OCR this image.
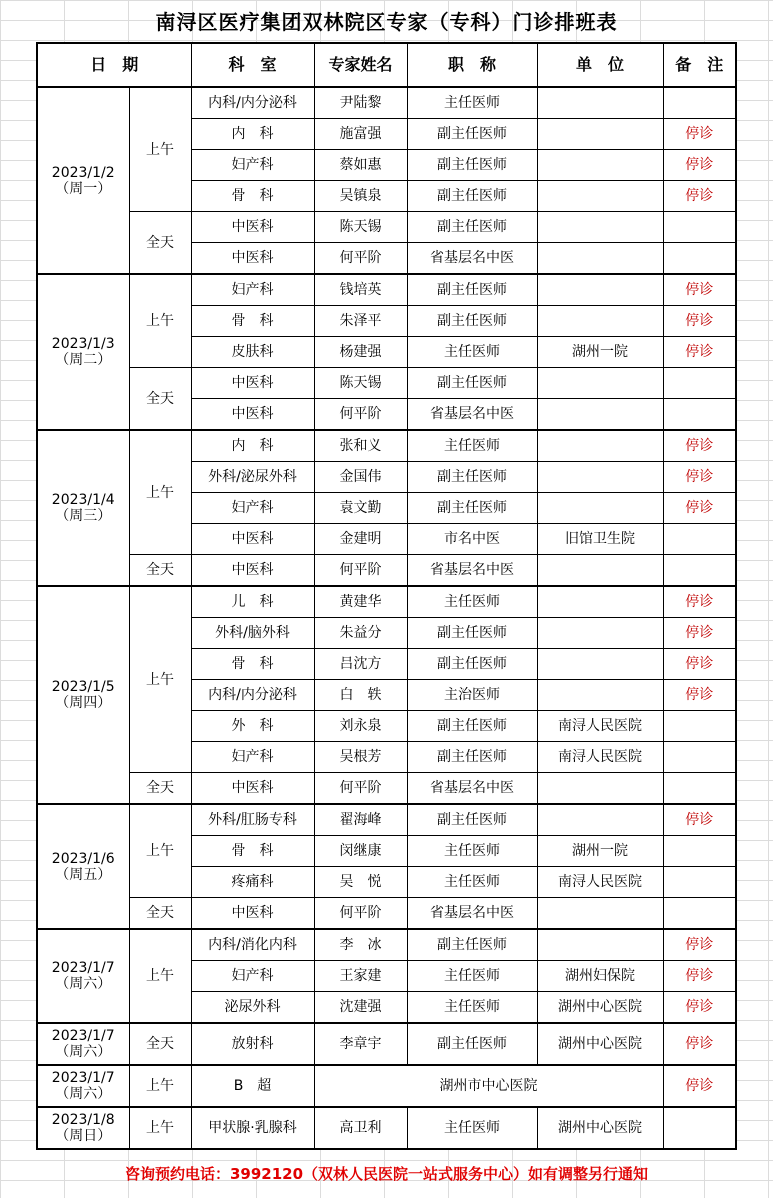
南浔区医疗集团双林院区专家（专科）门诊排班表
日　期		科　室	专家姓名	职　称	单　位	备　注
2023/1/2
（周一）	上午	内科/内分泌科	尹陆黎	主任医师		
		内　科	施富强	副主任医师		停诊
		妇产科	蔡如惠	副主任医师		停诊
		骨　科	吴镇泉	副主任医师		停诊
	全天	中医科	陈天锡	副主任医师		
		中医科	何平阶	省基层名中医		
2023/1/3
（周二）	上午	妇产科	钱培英	副主任医师		停诊
		骨　科	朱泽平	副主任医师		停诊
		皮肤科	杨建强	主任医师	湖州一院	停诊
	全天	中医科	陈天锡	副主任医师		
		中医科	何平阶	省基层名中医		
2023/1/4
（周三）	上午	内　科	张和义	主任医师		停诊
		外科/泌尿外科	金国伟	副主任医师		停诊
		妇产科	袁文勤	副主任医师		停诊
		中医科	金建明	市名中医	旧馆卫生院	
	全天	中医科	何平阶	省基层名中医		
2023/1/5
（周四）	上午	儿　科	黄建华	主任医师		停诊
		外科/脑外科	朱益分	副主任医师		停诊
		骨　科	吕沈方	副主任医师		停诊
		内科/内分泌科	白　轶	主治医师		停诊
		外　科	刘永泉	副主任医师	南浔人民医院	
		妇产科	吴根芳	副主任医师	南浔人民医院	
	全天	中医科	何平阶	省基层名中医		
2023/1/6
（周五）	上午	外科/肛肠专科	翟海峰	副主任医师		停诊
		骨　科	闵继康	主任医师	湖州一院	
		疼痛科	吴　悦	主任医师	南浔人民医院	
	全天	中医科	何平阶	省基层名中医		
2023/1/7
（周六）	上午	内科/消化内科	李　冰	副主任医师		停诊
		妇产科	王家建	主任医师	湖州妇保院	停诊
		泌尿外科	沈建强	主任医师	湖州中心医院	停诊
2023/1/7
（周六）	全天	放射科	李章宇	副主任医师	湖州中心医院	停诊
2023/1/7
（周六）	上午	B　超	湖州市中心医院			停诊
2023/1/8
（周日）	上午	甲状腺·乳腺科	高卫利	主任医师	湖州中心医院	
咨询预约电话：3992120（双林人民医院一站式服务中心）如有调整另行通知
